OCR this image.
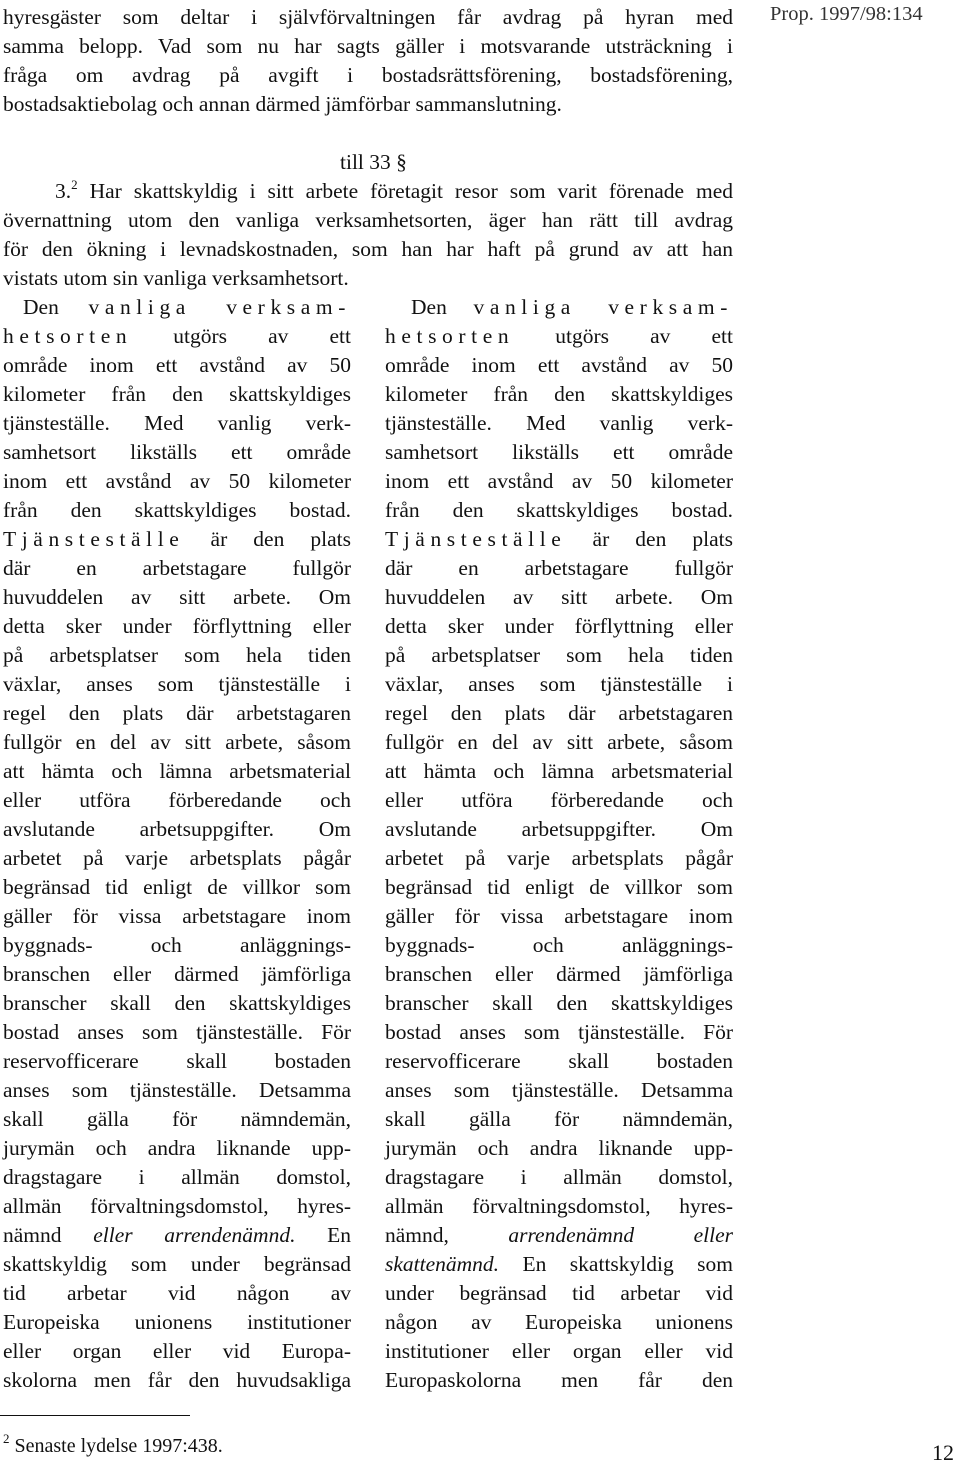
Prop. 1997/98:134
hyresgäster som deltar i självförvaltningen får avdrag på hyran med
samma belopp. Vad som nu har sagts gäller i motsvarande utsträckning i
fråga om avdrag på avgift i bostadsrättsförening, bostadsförening,
bostadsaktiebolag och annan därmed jämförbar sammanslutning.
till 33 §
3.$^2$ Har skattskyldig i sitt arbete företagit resor som varit förenade med
övernattning utom den vanliga verksamhetsorten, äger han rätt till avdrag
för den ökning i levnadskostnaden, som han har haft på grund av att han
vistats utom sin vanliga verksamhetsort.
Den vanliga verksam-
hetsorten utgörs av ett
område inom ett avstånd av 50
kilometer från den skattskyldiges
tjänsteställe. Med vanlig verk-
samhetsort likställs ett område
inom ett avstånd av 50 kilometer
från den skattskyldiges bostad.
Tjänsteställe är den plats
där en arbetstagare fullgör
huvuddelen av sitt arbete. Om
detta sker under förflyttning eller
på arbetsplatser som hela tiden
växlar, anses som tjänsteställe i
regel den plats där arbetstagaren
fullgör en del av sitt arbete, såsom
att hämta och lämna arbetsmaterial
eller utföra förberedande och
avslutande arbetsuppgifter. Om
arbetet på varje arbetsplats pågår
begränsad tid enligt de villkor som
gäller för vissa arbetstagare inom
byggnads- och anläggnings-
branschen eller därmed jämförliga
branscher skall den skattskyldiges
bostad anses som tjänsteställe. För
reservofficerare skall bostaden
anses som tjänsteställe. Detsamma
skall gälla för nämndemän,
jurymän och andra liknande upp-
dragstagare i allmän domstol,
allmän förvaltningsdomstol, hyres-
nämnd eller arrendenämnd. En
skattskyldig som under begränsad
tid arbetar vid någon av
Europeiska unionens institutioner
eller organ eller vid Europa-
skolorna men får den huvudsakliga
Den vanliga verksam-
hetsorten utgörs av ett
område inom ett avstånd av 50
kilometer från den skattskyldiges
tjänsteställe. Med vanlig verk-
samhetsort likställs ett område
inom ett avstånd av 50 kilometer
från den skattskyldiges bostad.
Tjänsteställe är den plats
där en arbetstagare fullgör
huvuddelen av sitt arbete. Om
detta sker under förflyttning eller
på arbetsplatser som hela tiden
växlar, anses som tjänsteställe i
regel den plats där arbetstagaren
fullgör en del av sitt arbete, såsom
att hämta och lämna arbetsmaterial
eller utföra förberedande och
avslutande arbetsuppgifter. Om
arbetet på varje arbetsplats pågår
begränsad tid enligt de villkor som
gäller för vissa arbetstagare inom
byggnads- och anläggnings-
branschen eller därmed jämförliga
branscher skall den skattskyldiges
bostad anses som tjänsteställe. För
reservofficerare skall bostaden
anses som tjänsteställe. Detsamma
skall gälla för nämndemän,
jurymän och andra liknande upp-
dragstagare i allmän domstol,
allmän förvaltningsdomstol, hyres-
nämnd,	arrendenämnd eller
skattenämnd. En skattskyldig som
under begränsad tid arbetar vid
någon av Europeiska unionens
institutioner eller organ eller vid
Europaskolorna men får den
$^2$ Senaste lydelse 1997:438.	12
